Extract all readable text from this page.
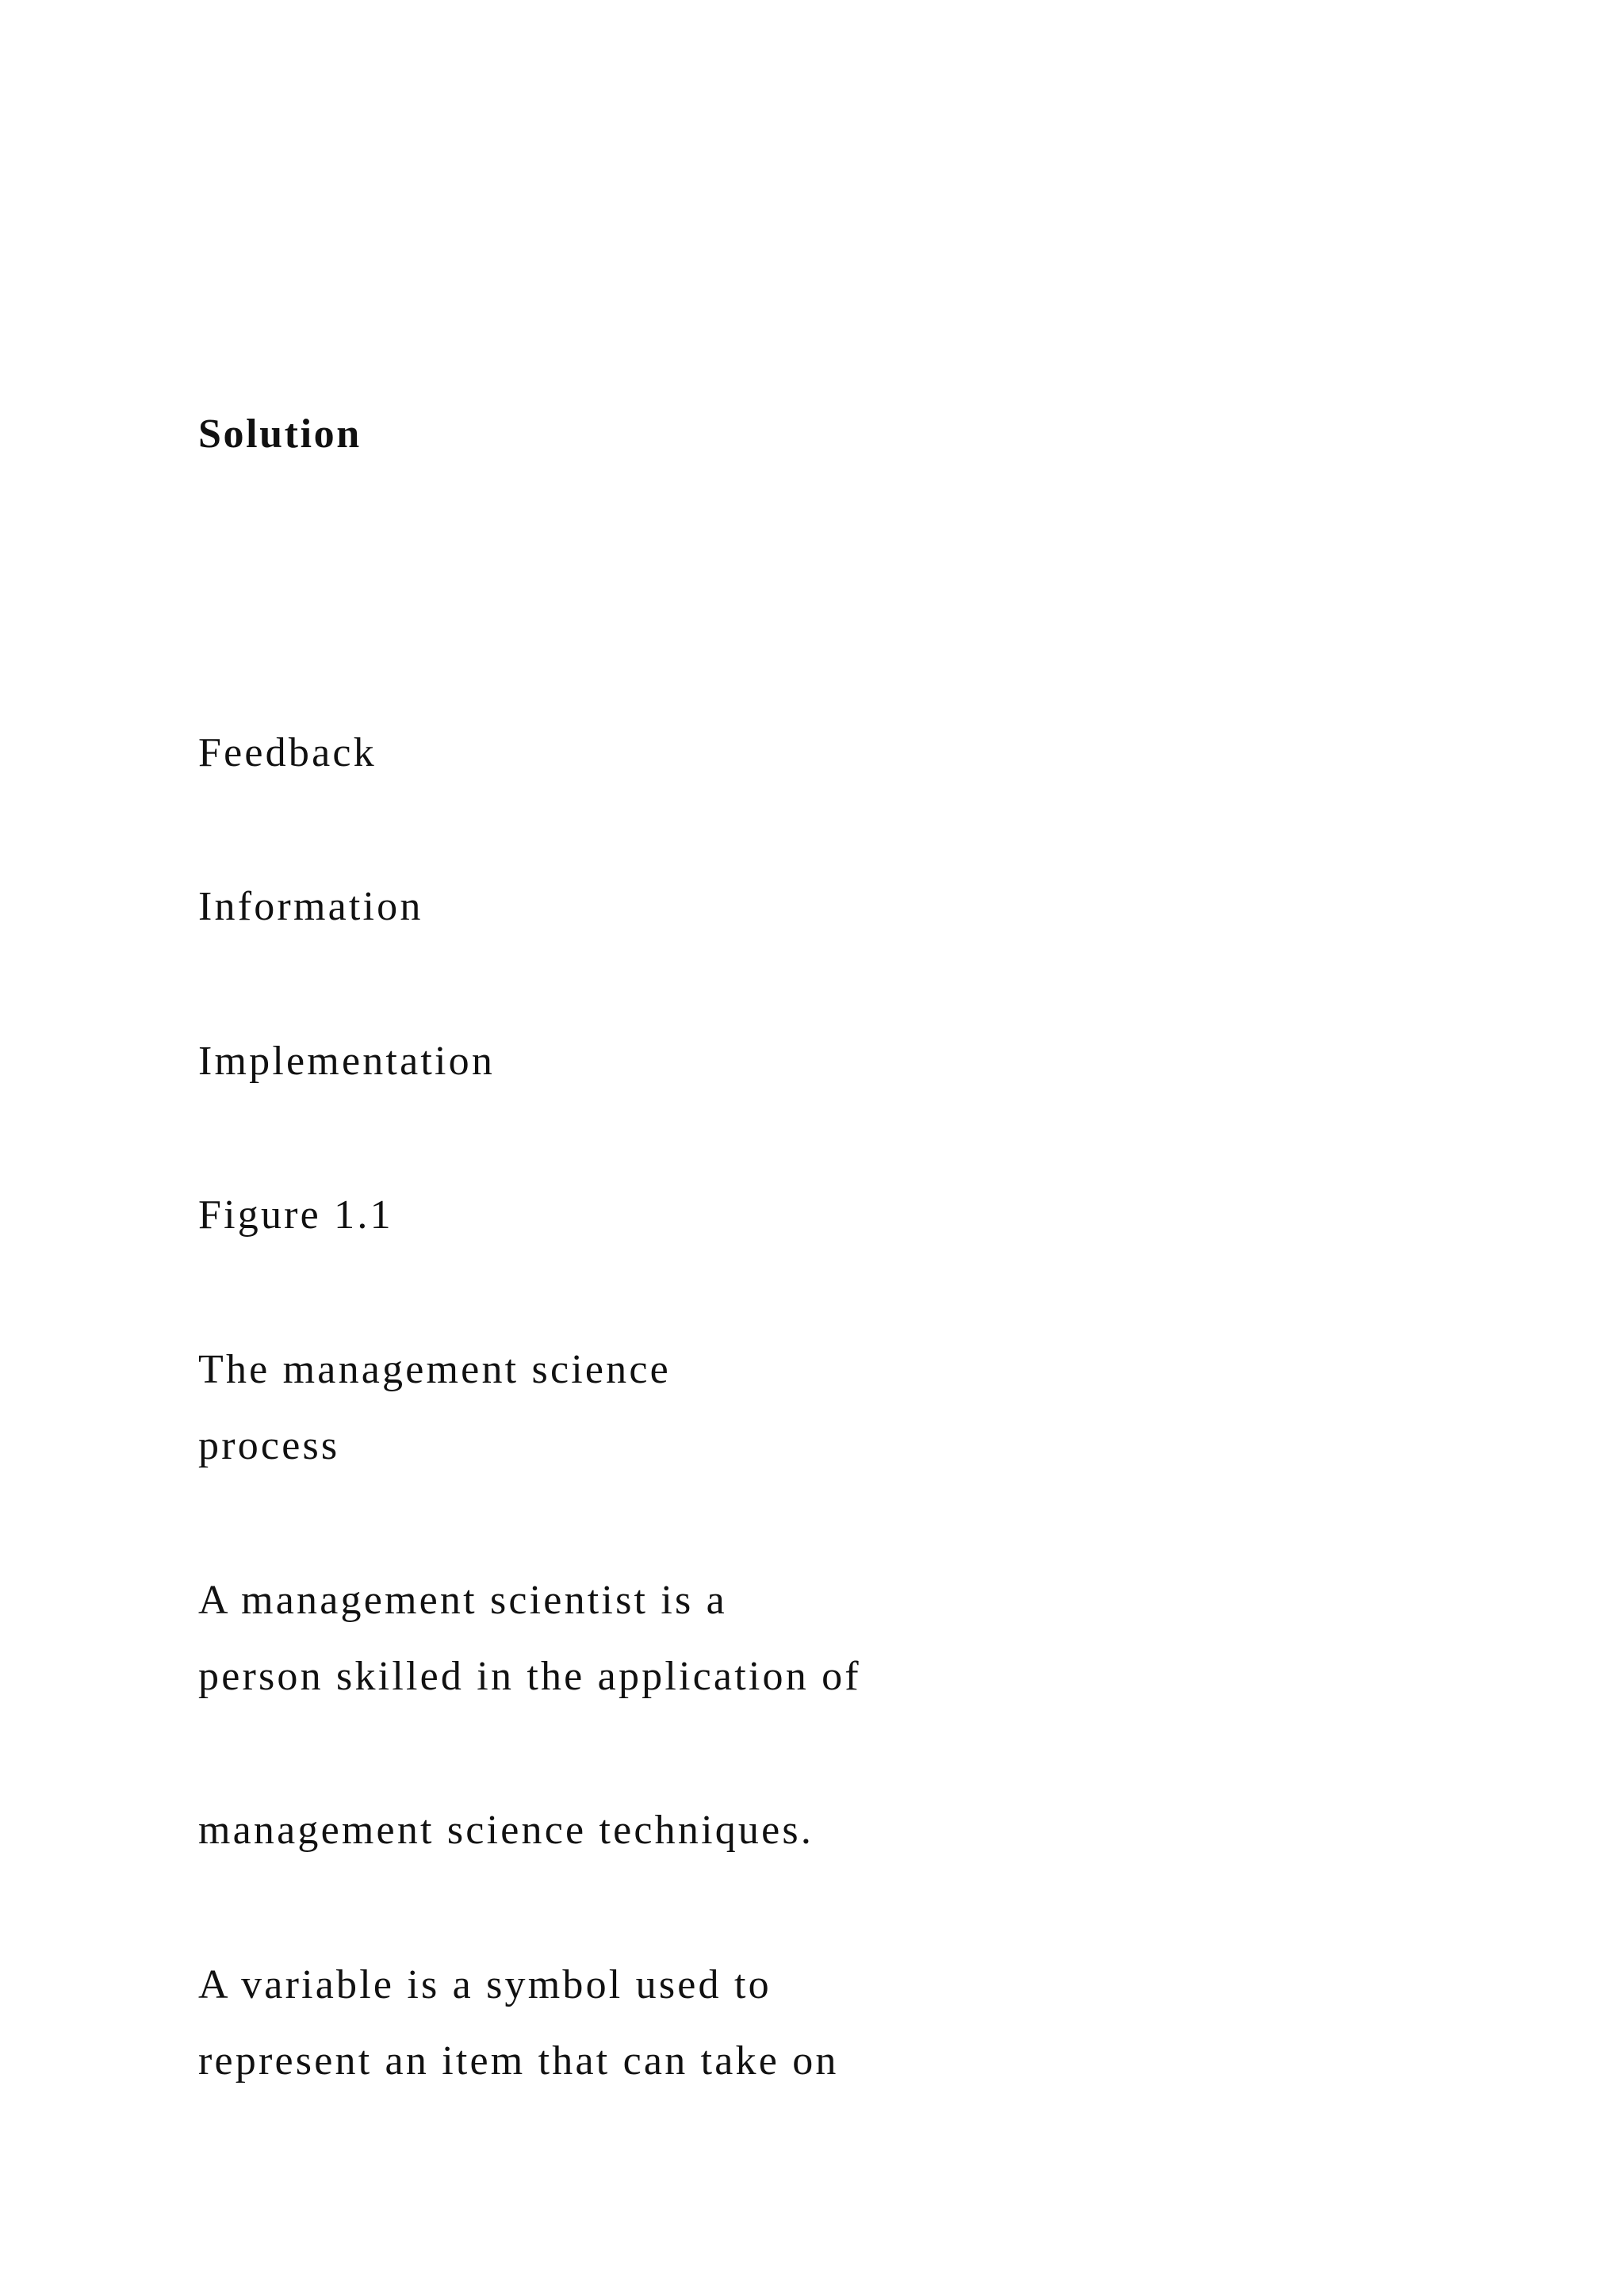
Solution

Feedback

Information

Implementation

Figure 1.1

The management science

process

A management scientist is a

person skilled in the application of

management science techniques.

A variable is a symbol used to

represent an item that can take on
